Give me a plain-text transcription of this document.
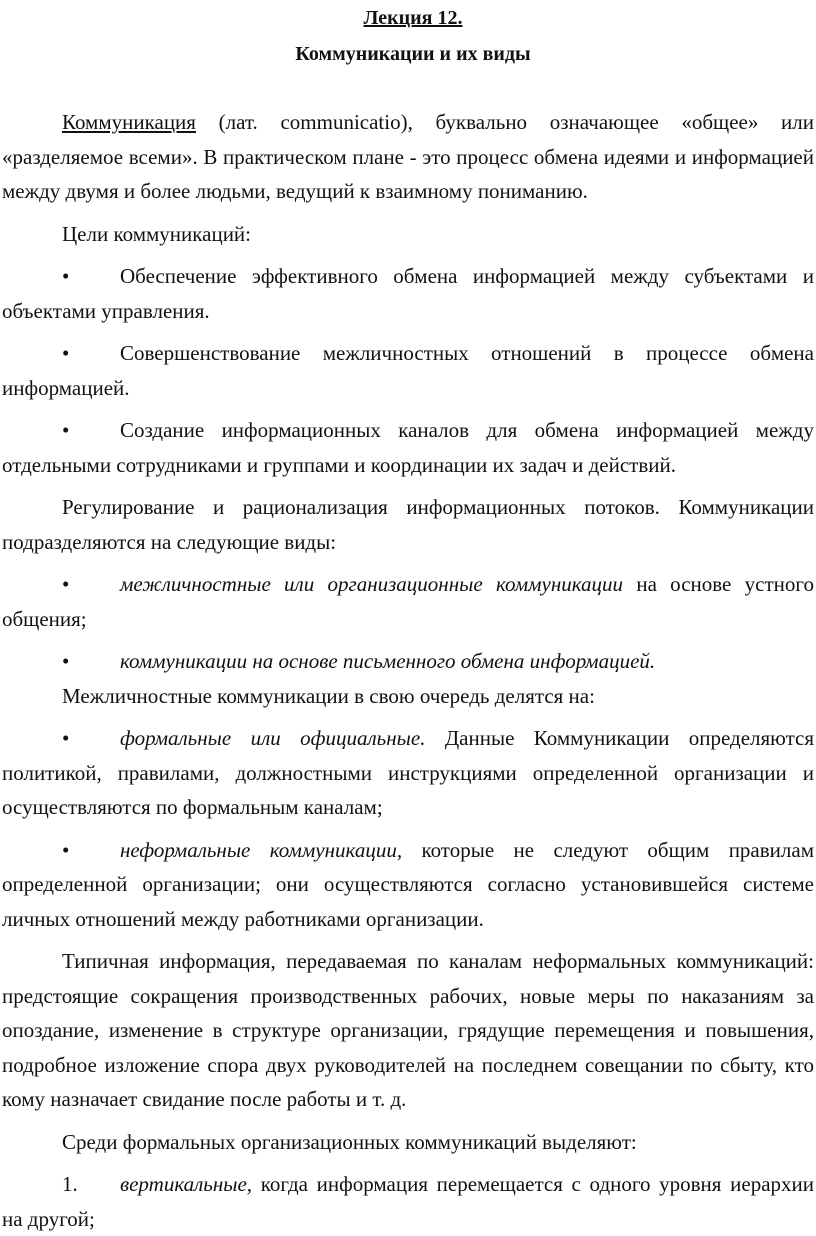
Лекция 12.
Коммуникации и их виды

Коммуникация (лат. communicatio), буквально означающее «общее» или «разделяемое всеми». В практическом плане - это процесс обмена идеями и информацией между двумя и более людьми, ведущий к взаимному пониманию.

Цели коммуникаций:

• Обеспечение эффективного обмена информацией между субъектами и объектами управления.

• Совершенствование межличностных отношений в процессе обмена информацией.

• Создание информационных каналов для обмена информацией между отдельными сотрудниками и группами и координации их задач и действий.

Регулирование и рационализация информационных потоков. Коммуникации подразделяются на следующие виды:

• межличностные или организационные коммуникации на основе устного общения;

• коммуникации на основе письменного обмена информацией.

Межличностные коммуникации в свою очередь делятся на:

• формальные или официальные. Данные Коммуникации определяются политикой, правилами, должностными инструкциями определенной организации и осуществляются по формальным каналам;

• неформальные коммуникации, которые не следуют общим правилам определенной организации; они осуществляются согласно установившейся системе личных отношений между работниками организации.

Типичная информация, передаваемая по каналам неформальных коммуникаций: предстоящие сокращения производственных рабочих, новые меры по наказаниям за опоздание, изменение в структуре организации, грядущие перемещения и повышения, подробное изложение спора двух руководителей на последнем совещании по сбыту, кто кому назначает свидание после работы и т. д.

Среди формальных организационных коммуникаций выделяют:

1. вертикальные, когда информация перемещается с одного уровня иерархии на другой;
